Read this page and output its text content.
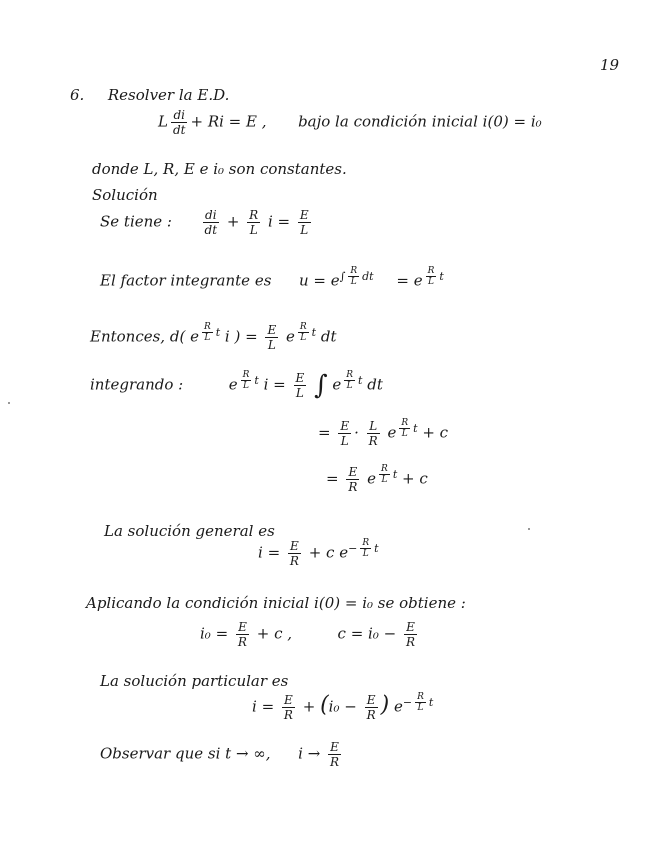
19
6. Resolver la E.D.
L $\frac{di}{dt} + Ri = E$ ,  bajo la condición inicial i(0) = i₀
donde L, R, E e i₀ son constantes.
Solución
Se tiene :	$\frac{di}{dt} + \frac{R}{L}$ $i = \frac{E}{L}$
El factor integrante es  $u = e^{\int \frac{R}{L} dt} = e$ $^{\frac{R}{L} t}$
Entonces, d( e $^{\frac{R}{L} t}$ i ) = $\frac{E}{L}$ e $^{\frac{R}{L} t}$ dt
integrando :	e $^{\frac{R}{L} t}$ $i = \frac{E}{L}$ ∫ e $^{\frac{R}{L} t}$ dt
= $\frac{E}{L} \cdot \frac{L}{R}$ e $^{\frac{R}{L} t}$ + c
= $\frac{E}{R}$ e $^{\frac{R}{L} t}$ + c
La solución general es
$i = \frac{E}{R} + c$ $e^{- \frac{R}{L} t}$
Aplicando la condición inicial i(0) = i₀ se obtiene :
$i_0 = \frac{E}{R} + c$ ,  $c = i_0 - \frac{E}{R}$
La solución particular es
$i = \frac{E}{R} + (i_0 - \frac{E}{R}$ ) $e^{- \frac{R}{L} t}$
Observar que si t → ∞,  $i \to \frac{E}{R}$
